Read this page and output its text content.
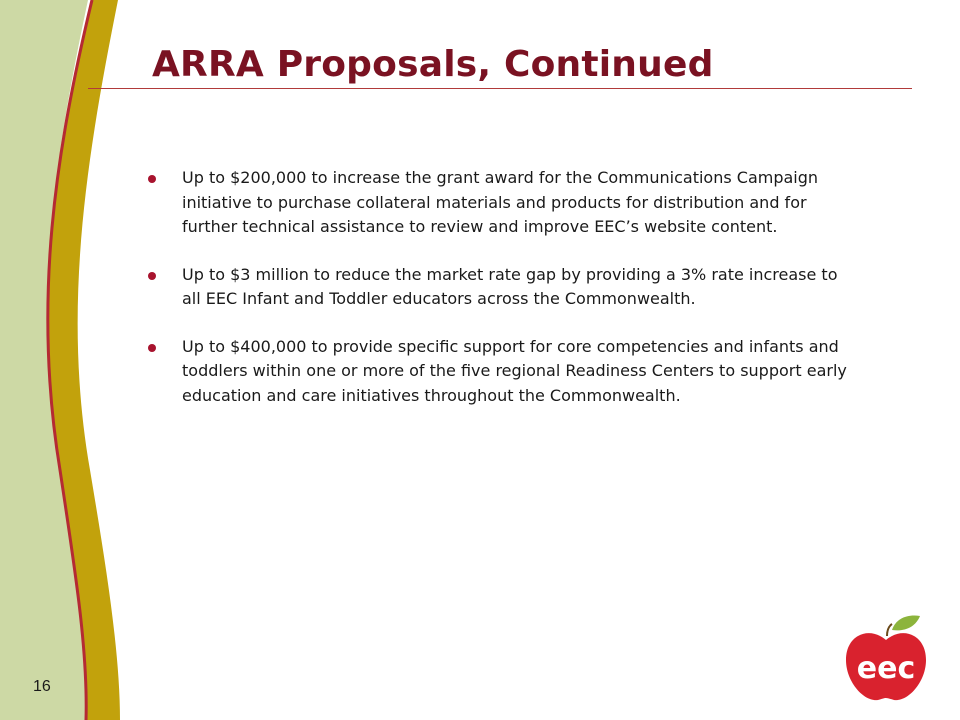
ARRA Proposals, Continued
Up to $200,000 to increase the grant award for the Communications Campaign initiative to purchase collateral materials and products for distribution and for further technical assistance to review and improve EEC’s website content.
Up to $3 million to reduce the market rate gap by providing a 3% rate increase to all EEC Infant and Toddler educators across the Commonwealth.
Up to $400,000 to provide specific support for core competencies and infants and toddlers within one or more of the five regional Readiness Centers to support early education and care initiatives throughout the Commonwealth.
16
eec
